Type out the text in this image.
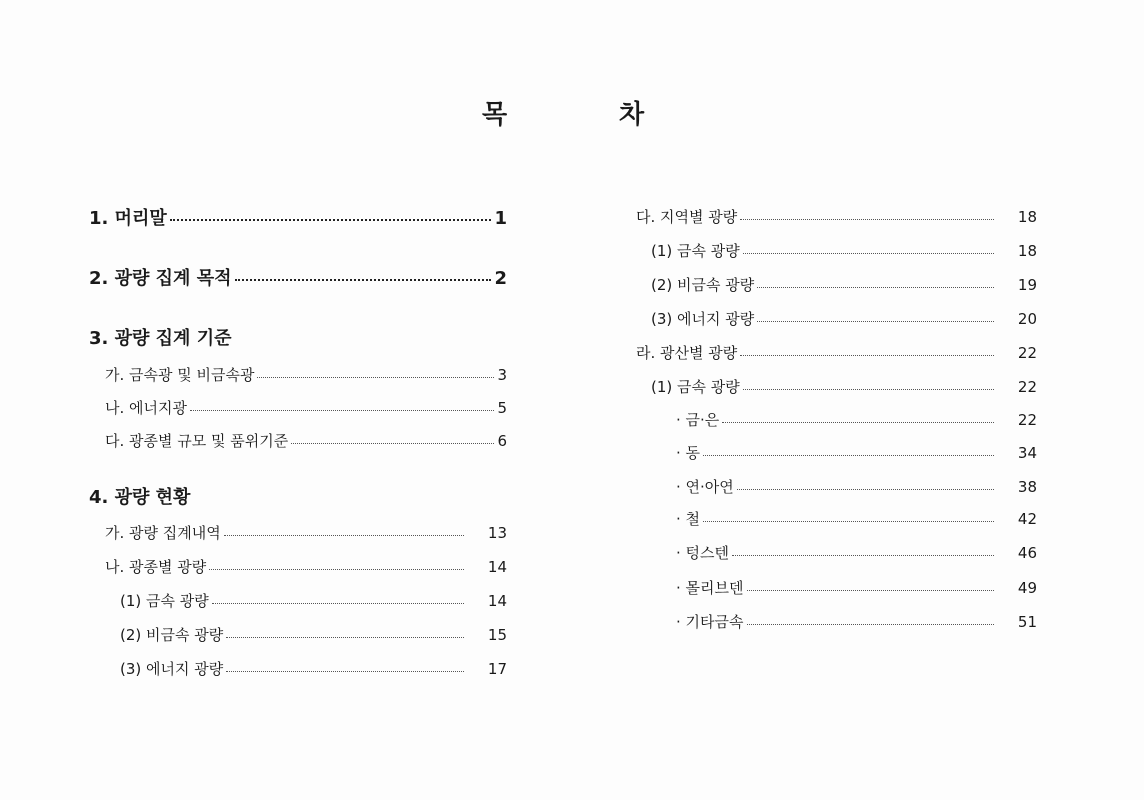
목	차
1. 머리말	1
2. 광량 집계 목적	2
3. 광량 집계 기준
가. 금속광 및 비금속광	3
나. 에너지광	5
다. 광종별 규모 및 품위기준	6
4. 광량 현황
가. 광량 집계내역	13
나. 광종별 광량	14
(1) 금속 광량	14
(2) 비금속 광량	15
(3) 에너지 광량	17
다. 지역별 광량	18
(1) 금속 광량	18
(2) 비금속 광량	19
(3) 에너지 광량	20
라. 광산별 광량	22
(1) 금속 광량	22
· 금·은	22
· 동	34
· 연·아연	38
· 철	42
· 텅스텐	46
· 몰리브덴	49
· 기타금속	51
